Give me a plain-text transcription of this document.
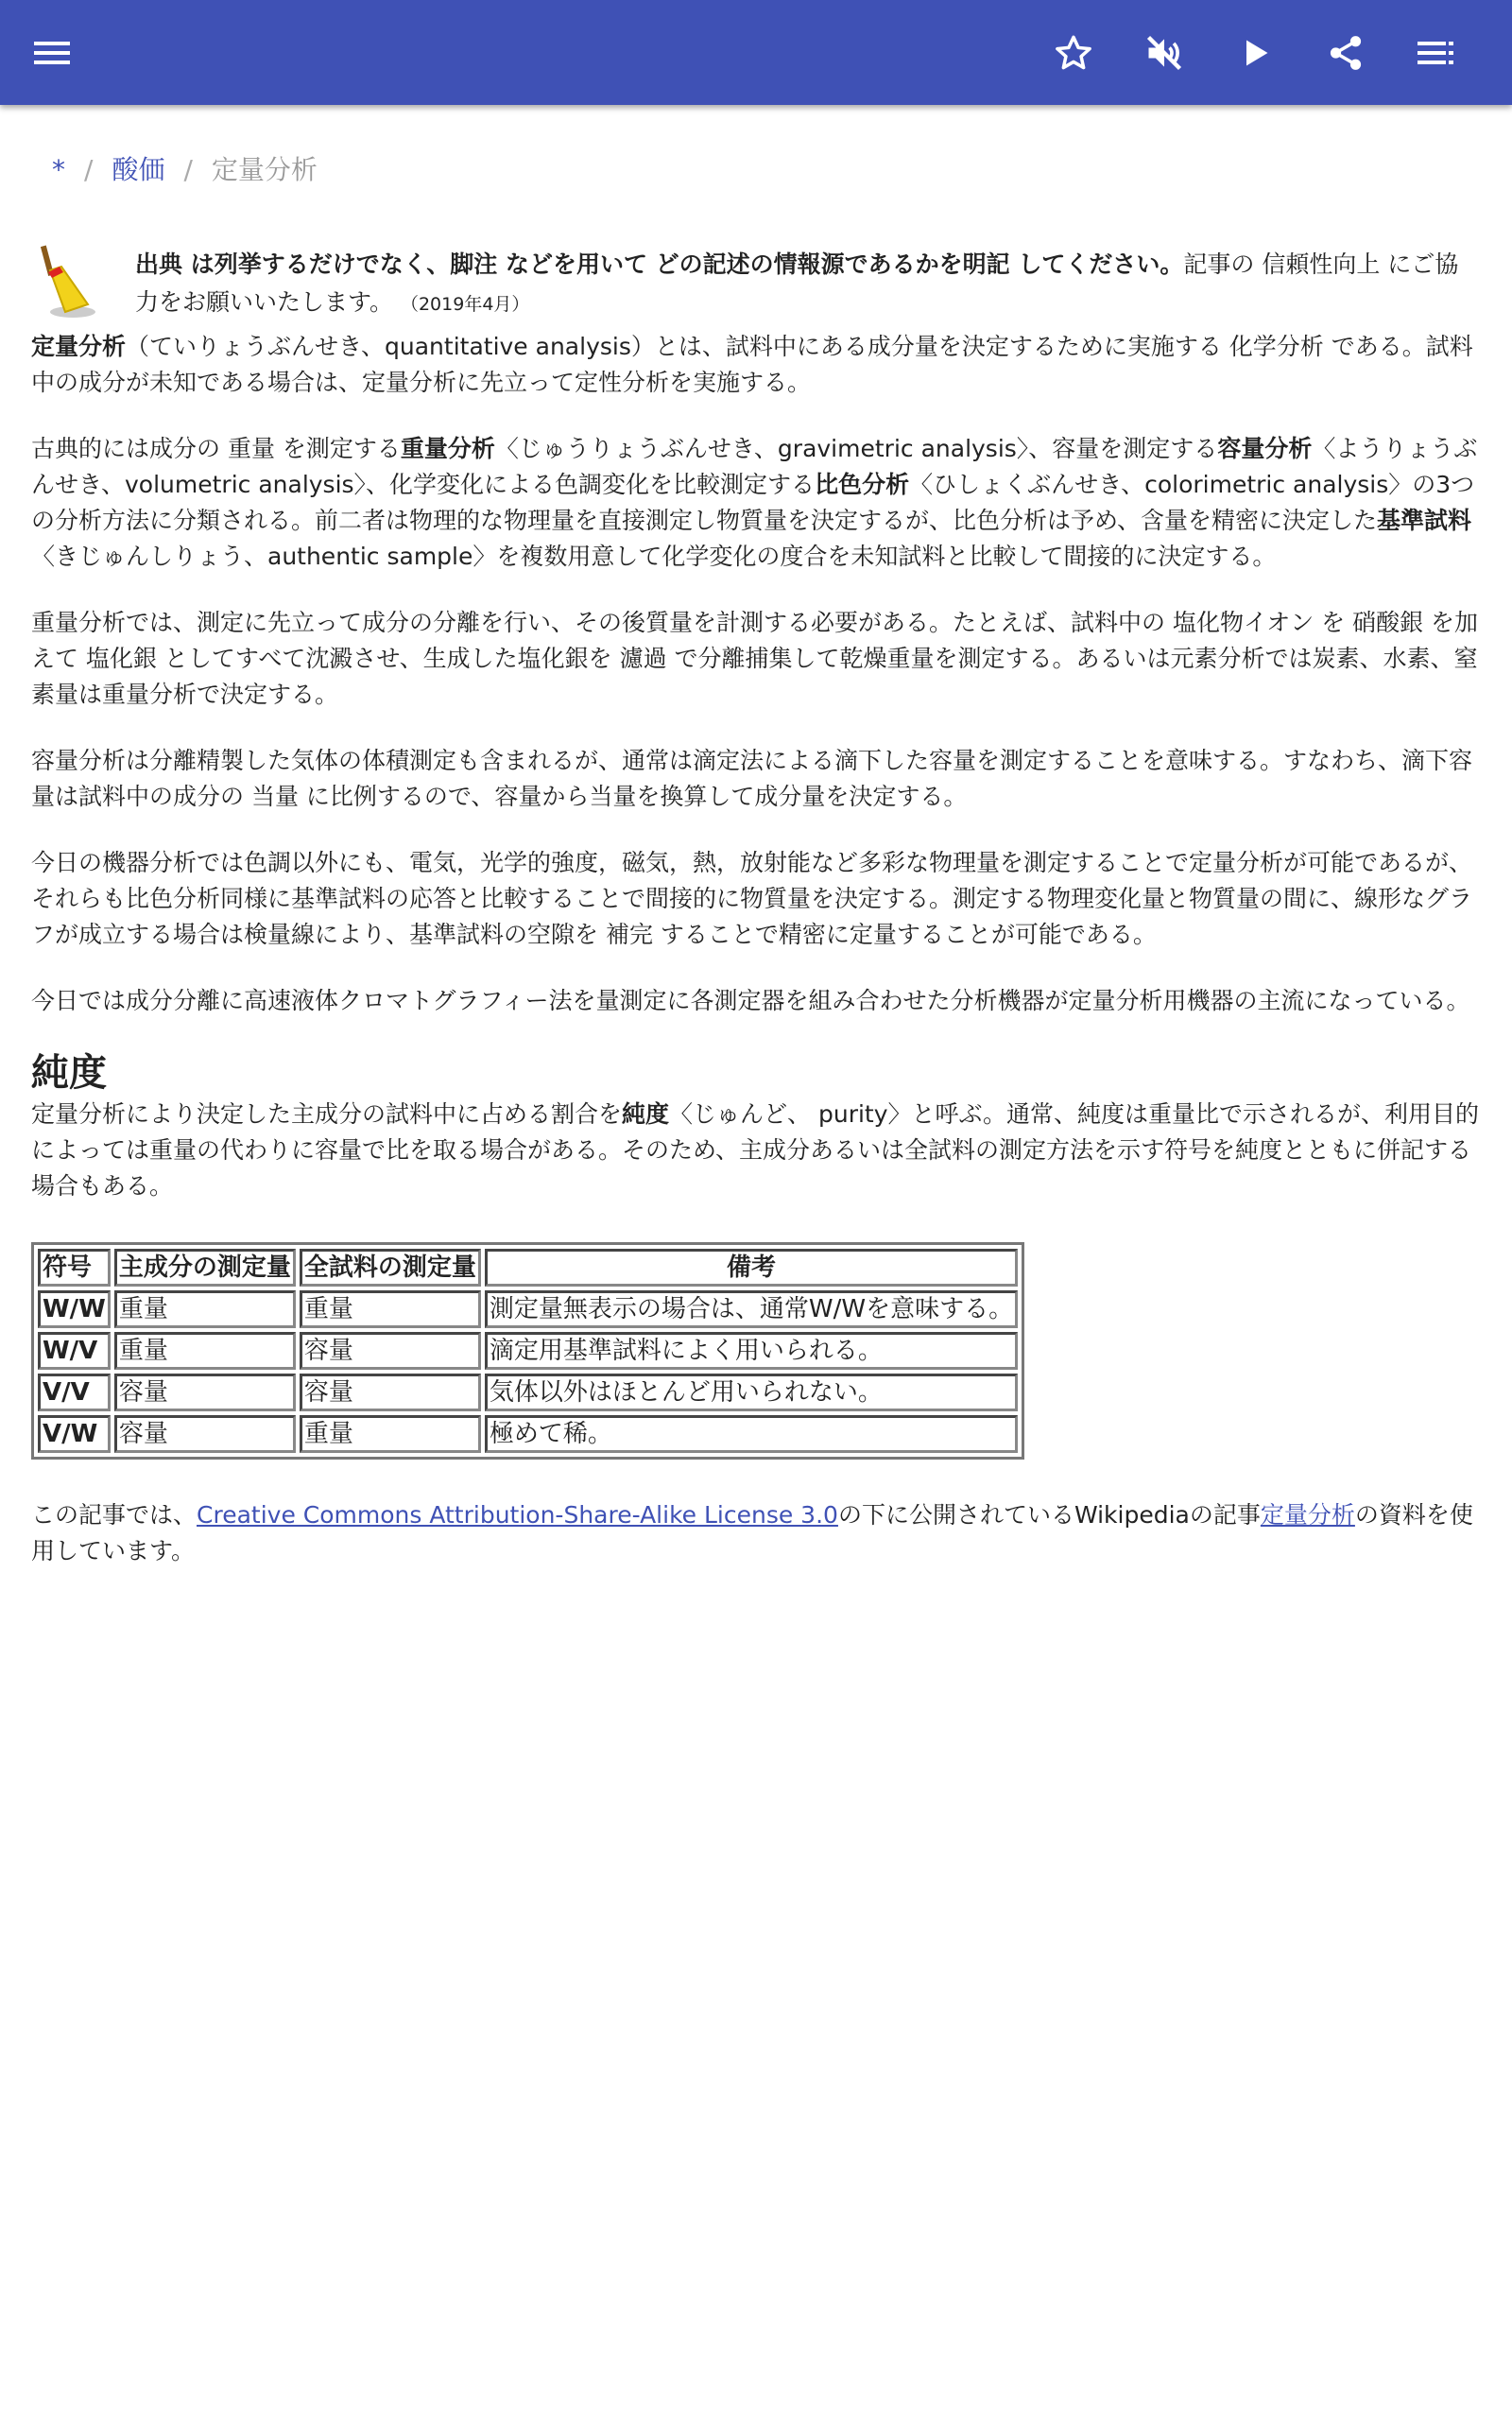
* / 酸価 / 定量分析
出典 は列挙するだけでなく、脚注 などを用いて どの記述の情報源であるかを明記 してください。記事の 信頼性向上 にご協力をお願いいたします。 （2019年4月）

定量分析（ていりょうぶんせき、quantitative analysis）とは、試料中にある成分量を決定するために実施する 化学分析 である。試料中の成分が未知である場合は、定量分析に先立って定性分析を実施する。

古典的には成分の 重量 を測定する重量分析〈じゅうりょうぶんせき、gravimetric analysis〉、容量を測定する容量分析〈ようりょうぶんせき、volumetric analysis〉、化学変化による色調変化を比較測定する比色分析〈ひしょくぶんせき、colorimetric analysis〉の3つの分析方法に分類される。前二者は物理的な物理量を直接測定し物質量を決定するが、比色分析は予め、含量を精密に決定した基準試料〈きじゅんしりょう、authentic sample〉を複数用意して化学変化の度合を未知試料と比較して間接的に決定する。

重量分析では、測定に先立って成分の分離を行い、その後質量を計測する必要がある。たとえば、試料中の 塩化物イオン を 硝酸銀 を加えて 塩化銀 としてすべて沈澱させ、生成した塩化銀を 濾過 で分離捕集して乾燥重量を測定する。あるいは元素分析では炭素、水素、窒素量は重量分析で決定する。

容量分析は分離精製した気体の体積測定も含まれるが、通常は滴定法による滴下した容量を測定することを意味する。すなわち、滴下容量は試料中の成分の 当量 に比例するので、容量から当量を換算して成分量を決定する。

今日の機器分析では色調以外にも、電気，光学的強度，磁気，熱，放射能など多彩な物理量を測定することで定量分析が可能であるが、それらも比色分析同様に基準試料の応答と比較することで間接的に物質量を決定する。測定する物理変化量と物質量の間に、線形なグラフが成立する場合は検量線により、基準試料の空隙を 補完 することで精密に定量することが可能である。

今日では成分分離に高速液体クロマトグラフィー法を量測定に各測定器を組み合わせた分析機器が定量分析用機器の主流になっている。

純度

定量分析により決定した主成分の試料中に占める割合を純度〈じゅんど、 purity〉と呼ぶ。通常、純度は重量比で示されるが、利用目的によっては重量の代わりに容量で比を取る場合がある。そのため、主成分あるいは全試料の測定方法を示す符号を純度とともに併記する場合もある。

符号	主成分の測定量	全試料の測定量	備考
W/W	重量	重量	測定量無表示の場合は、通常W/Wを意味する。
W/V	重量	容量	滴定用基準試料によく用いられる。
V/V	容量	容量	気体以外はほとんど用いられない。
V/W	容量	重量	極めて稀。

この記事では、Creative Commons Attribution-Share-Alike License 3.0の下に公開されているWikipediaの記事定量分析の資料を使用しています。
